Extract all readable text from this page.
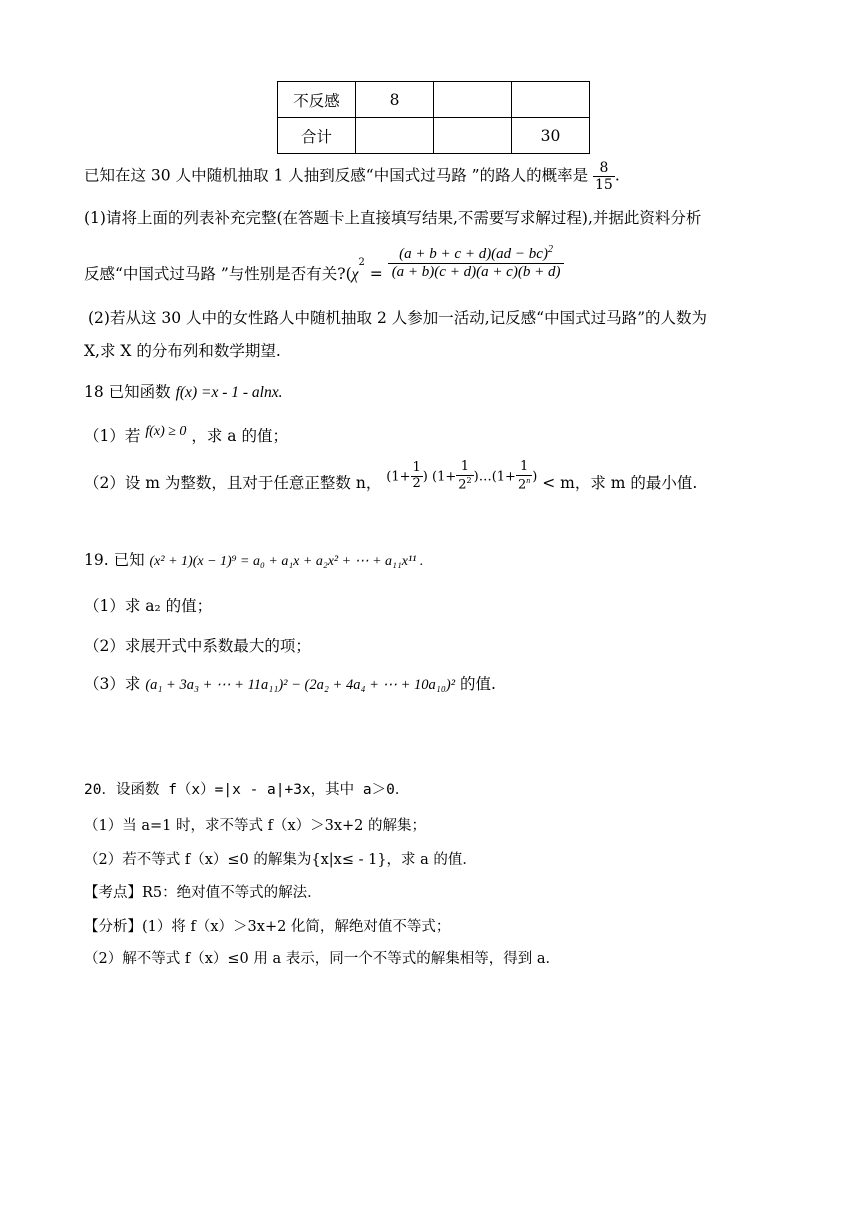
不反感	8		
合计			30
已知在这 30 人中随机抽取 1 人抽到反感“中国式过马路 ”的路人的概率是 $\frac{8}{15}$ .
(1)请将上面的列表补充完整(在答题卡上直接填写结果,不需要写求解过程),并据此资料分析
反感“中国式过马路 ”与性别是否有关$?(\chi^2 = \frac{(a + b + c + d)(ad - bc)^2}{(a + b)(c + d)(a + c)(b + d)}$
(2)若从这 30 人中的女性路人中随机抽取 2 人参加一活动,记反感“中国式过马路”的人数为
X,求 X 的分布列和数学期望.
18 已知函数 f(x) =x - 1 - alnx.
（1）若 f(x) ≥ 0 ，求 a 的值；
（2）设 m 为整数，且对于任意正整数 n， ($1+ \frac{1}{2}$ ) ($1+ \frac{1}{2^2}$ )…(1+ $\frac{1}{2^n}$ ) < m，求 m 的最小值.
19. 已知 (x² + 1)(x − 1)⁹ = a₀ + a₁x + a₂x² + ⋯ + a₁₁x¹¹ .
（1）求 a₂ 的值；
（2）求展开式中系数最大的项；
（3）求 (a₁ + 3a₃ + ⋯ + 11a₁₁)² − (2a₂ + 4a₄ + ⋯ + 10a₁₀)² 的值.
20．设函数 f（x）=|x - a|+3x，其中 a＞0．
（1）当 a=1 时，求不等式 f（x）＞3x+2 的解集；
（2）若不等式 f（x）≤0 的解集为{x|x≤ - 1}，求 a 的值．
【考点】R5：绝对值不等式的解法．
【分析】(1）将 f（x）＞3x+2 化简，解绝对值不等式；
（2）解不等式 f（x）≤0 用 a 表示，同一个不等式的解集相等，得到 a．
